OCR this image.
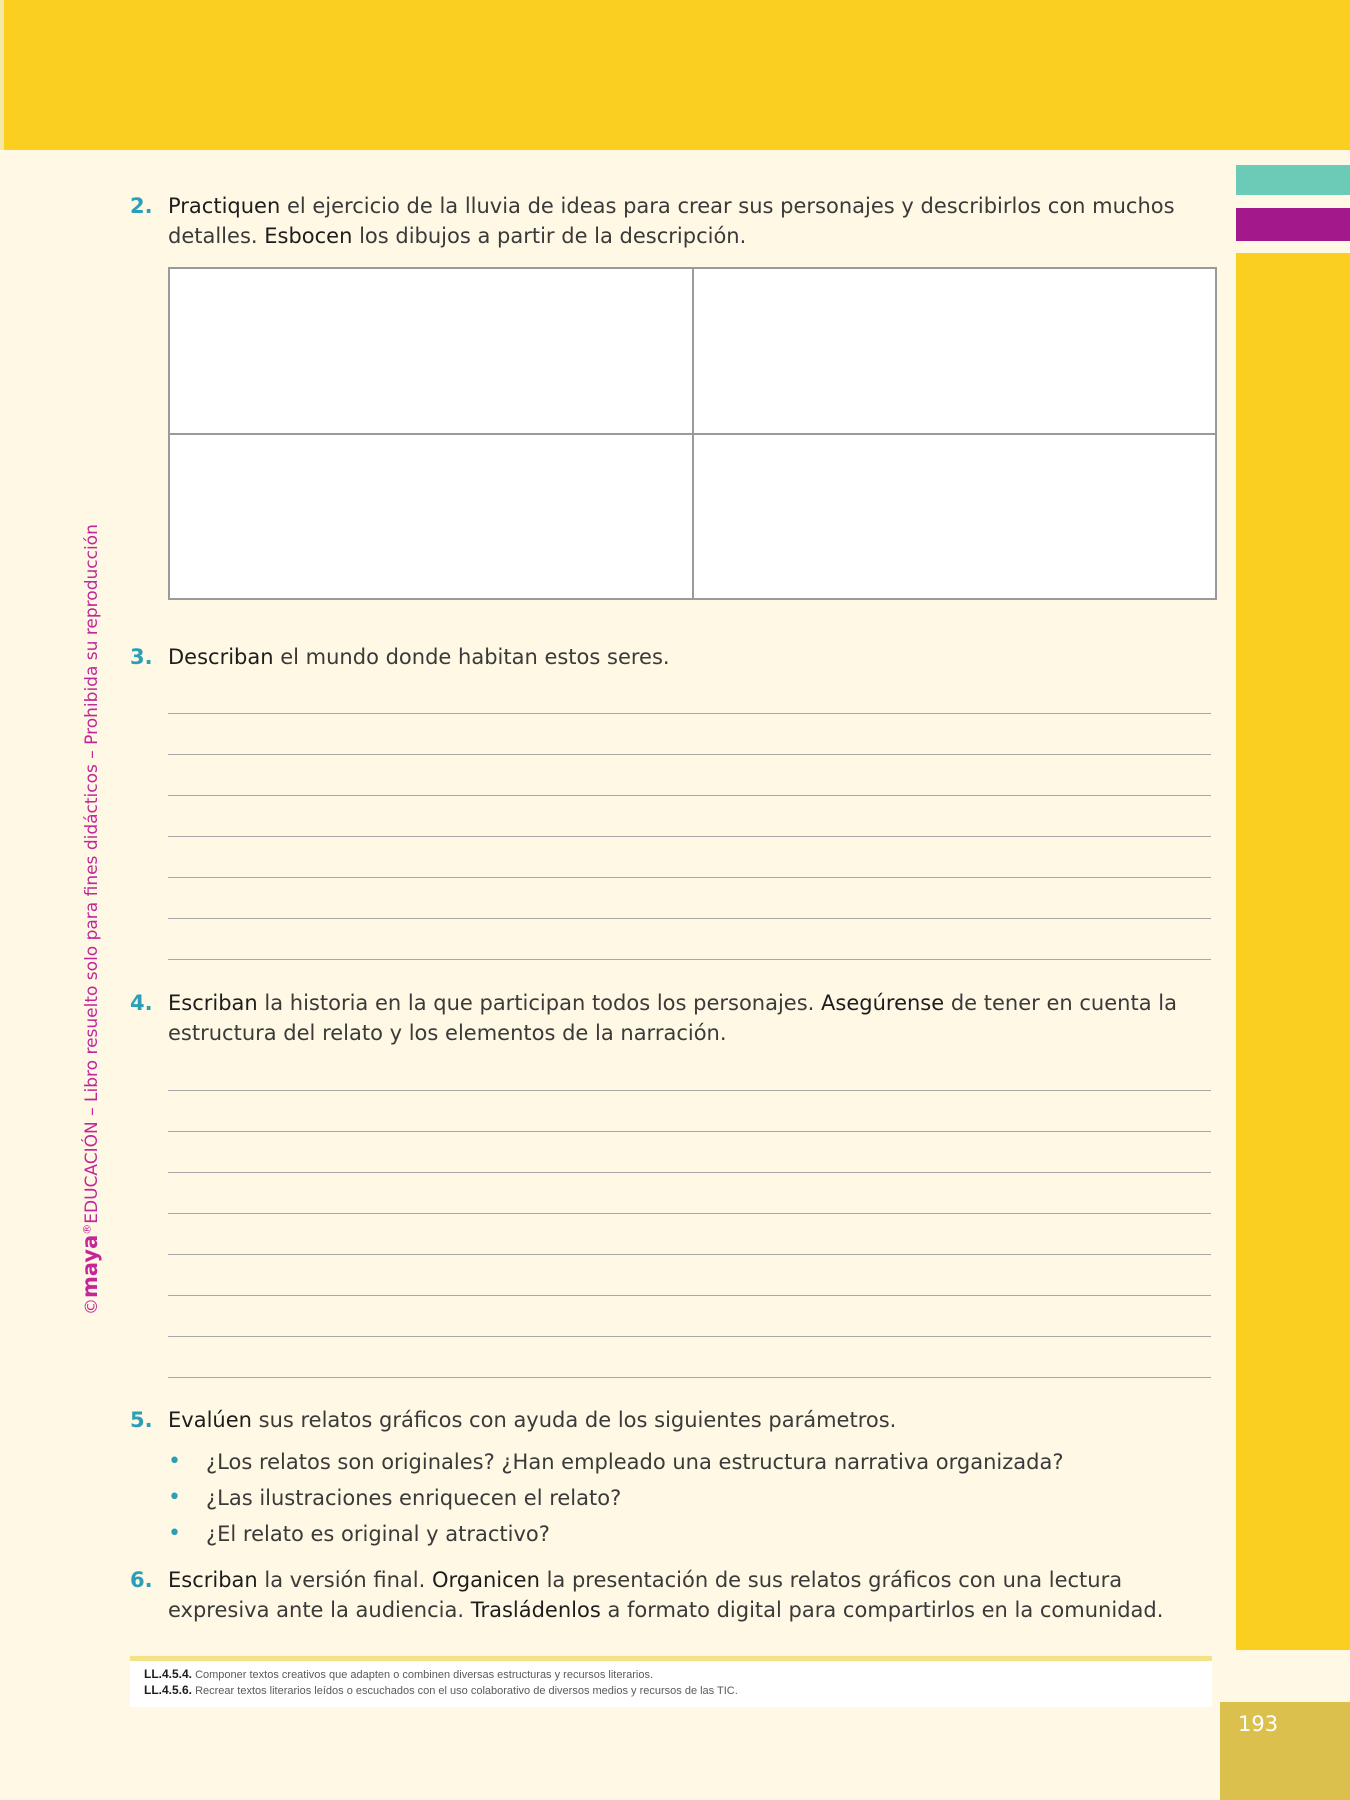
193
©maya®EDUCACIÓN – Libro resuelto solo para fines didácticos – Prohibida su reproducción
2. Practiquen el ejercicio de la lluvia de ideas para crear sus personajes y describirlos con muchos detalles. Esbocen los dibujos a partir de la descripción.
3. Describan el mundo donde habitan estos seres.
4. Escriban la historia en la que participan todos los personajes. Asegúrense de tener en cuenta la estructura del relato y los elementos de la narración.
5. Evalúen sus relatos gráficos con ayuda de los siguientes parámetros.
• ¿Los relatos son originales? ¿Han empleado una estructura narrativa organizada?
• ¿Las ilustraciones enriquecen el relato?
• ¿El relato es original y atractivo?
6. Escriban la versión final. Organicen la presentación de sus relatos gráficos con una lectura expresiva ante la audiencia. Trasládenlos a formato digital para compartirlos en la comunidad.
LL.4.5.4. Componer textos creativos que adapten o combinen diversas estructuras y recursos literarios.
LL.4.5.6. Recrear textos literarios leídos o escuchados con el uso colaborativo de diversos medios y recursos de las TIC.
